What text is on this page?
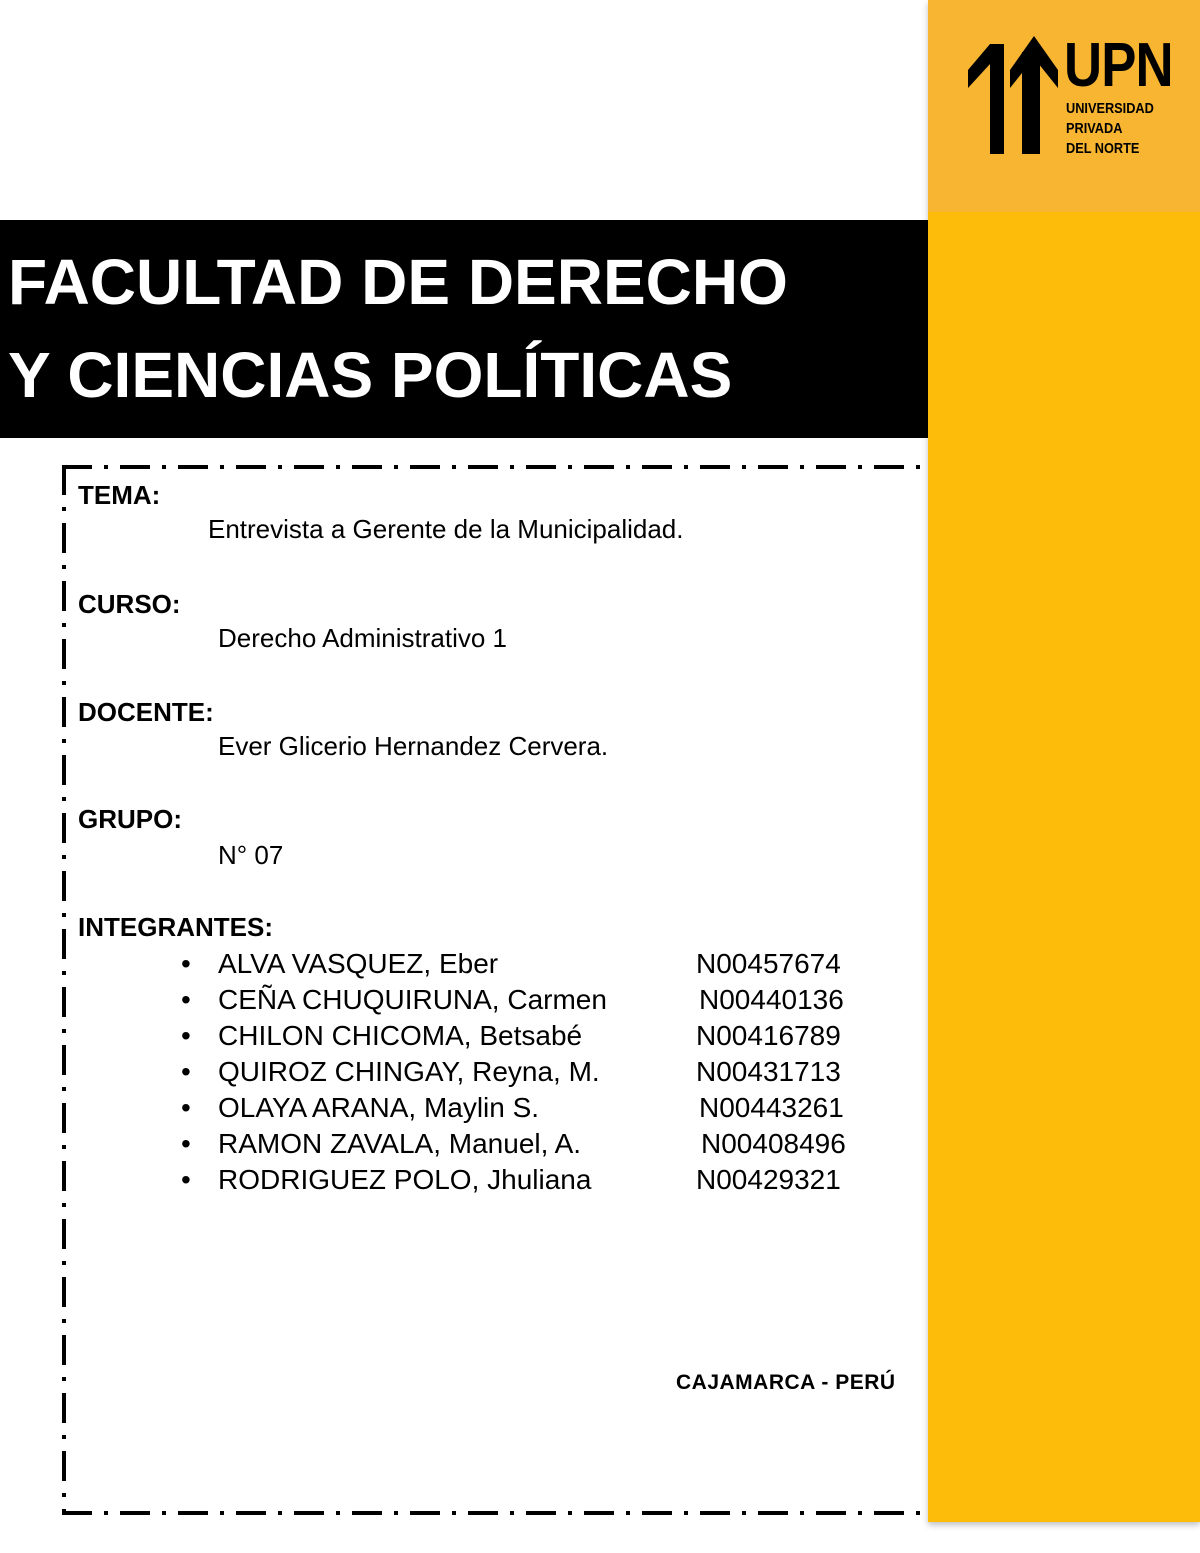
UPN
UNIVERSIDAD
PRIVADA
DEL NORTE
FACULTAD DE DERECHO
Y CIENCIAS POLÍTICAS
TEMA:
Entrevista a Gerente de la Municipalidad.
CURSO:
Derecho Administrativo 1
DOCENTE:
Ever Glicerio Hernandez Cervera.
GRUPO:
N° 07
INTEGRANTES:
• ALVA VASQUEZ, Eber	N00457674
• CEÑA CHUQUIRUNA, Carmen	N00440136
• CHILON CHICOMA, Betsabé	N00416789
• QUIROZ CHINGAY, Reyna, M.	N00431713
• OLAYA ARANA, Maylin S.	N00443261
• RAMON ZAVALA, Manuel, A.	N00408496
• RODRIGUEZ POLO, Jhuliana	N00429321
CAJAMARCA - PERÚ
